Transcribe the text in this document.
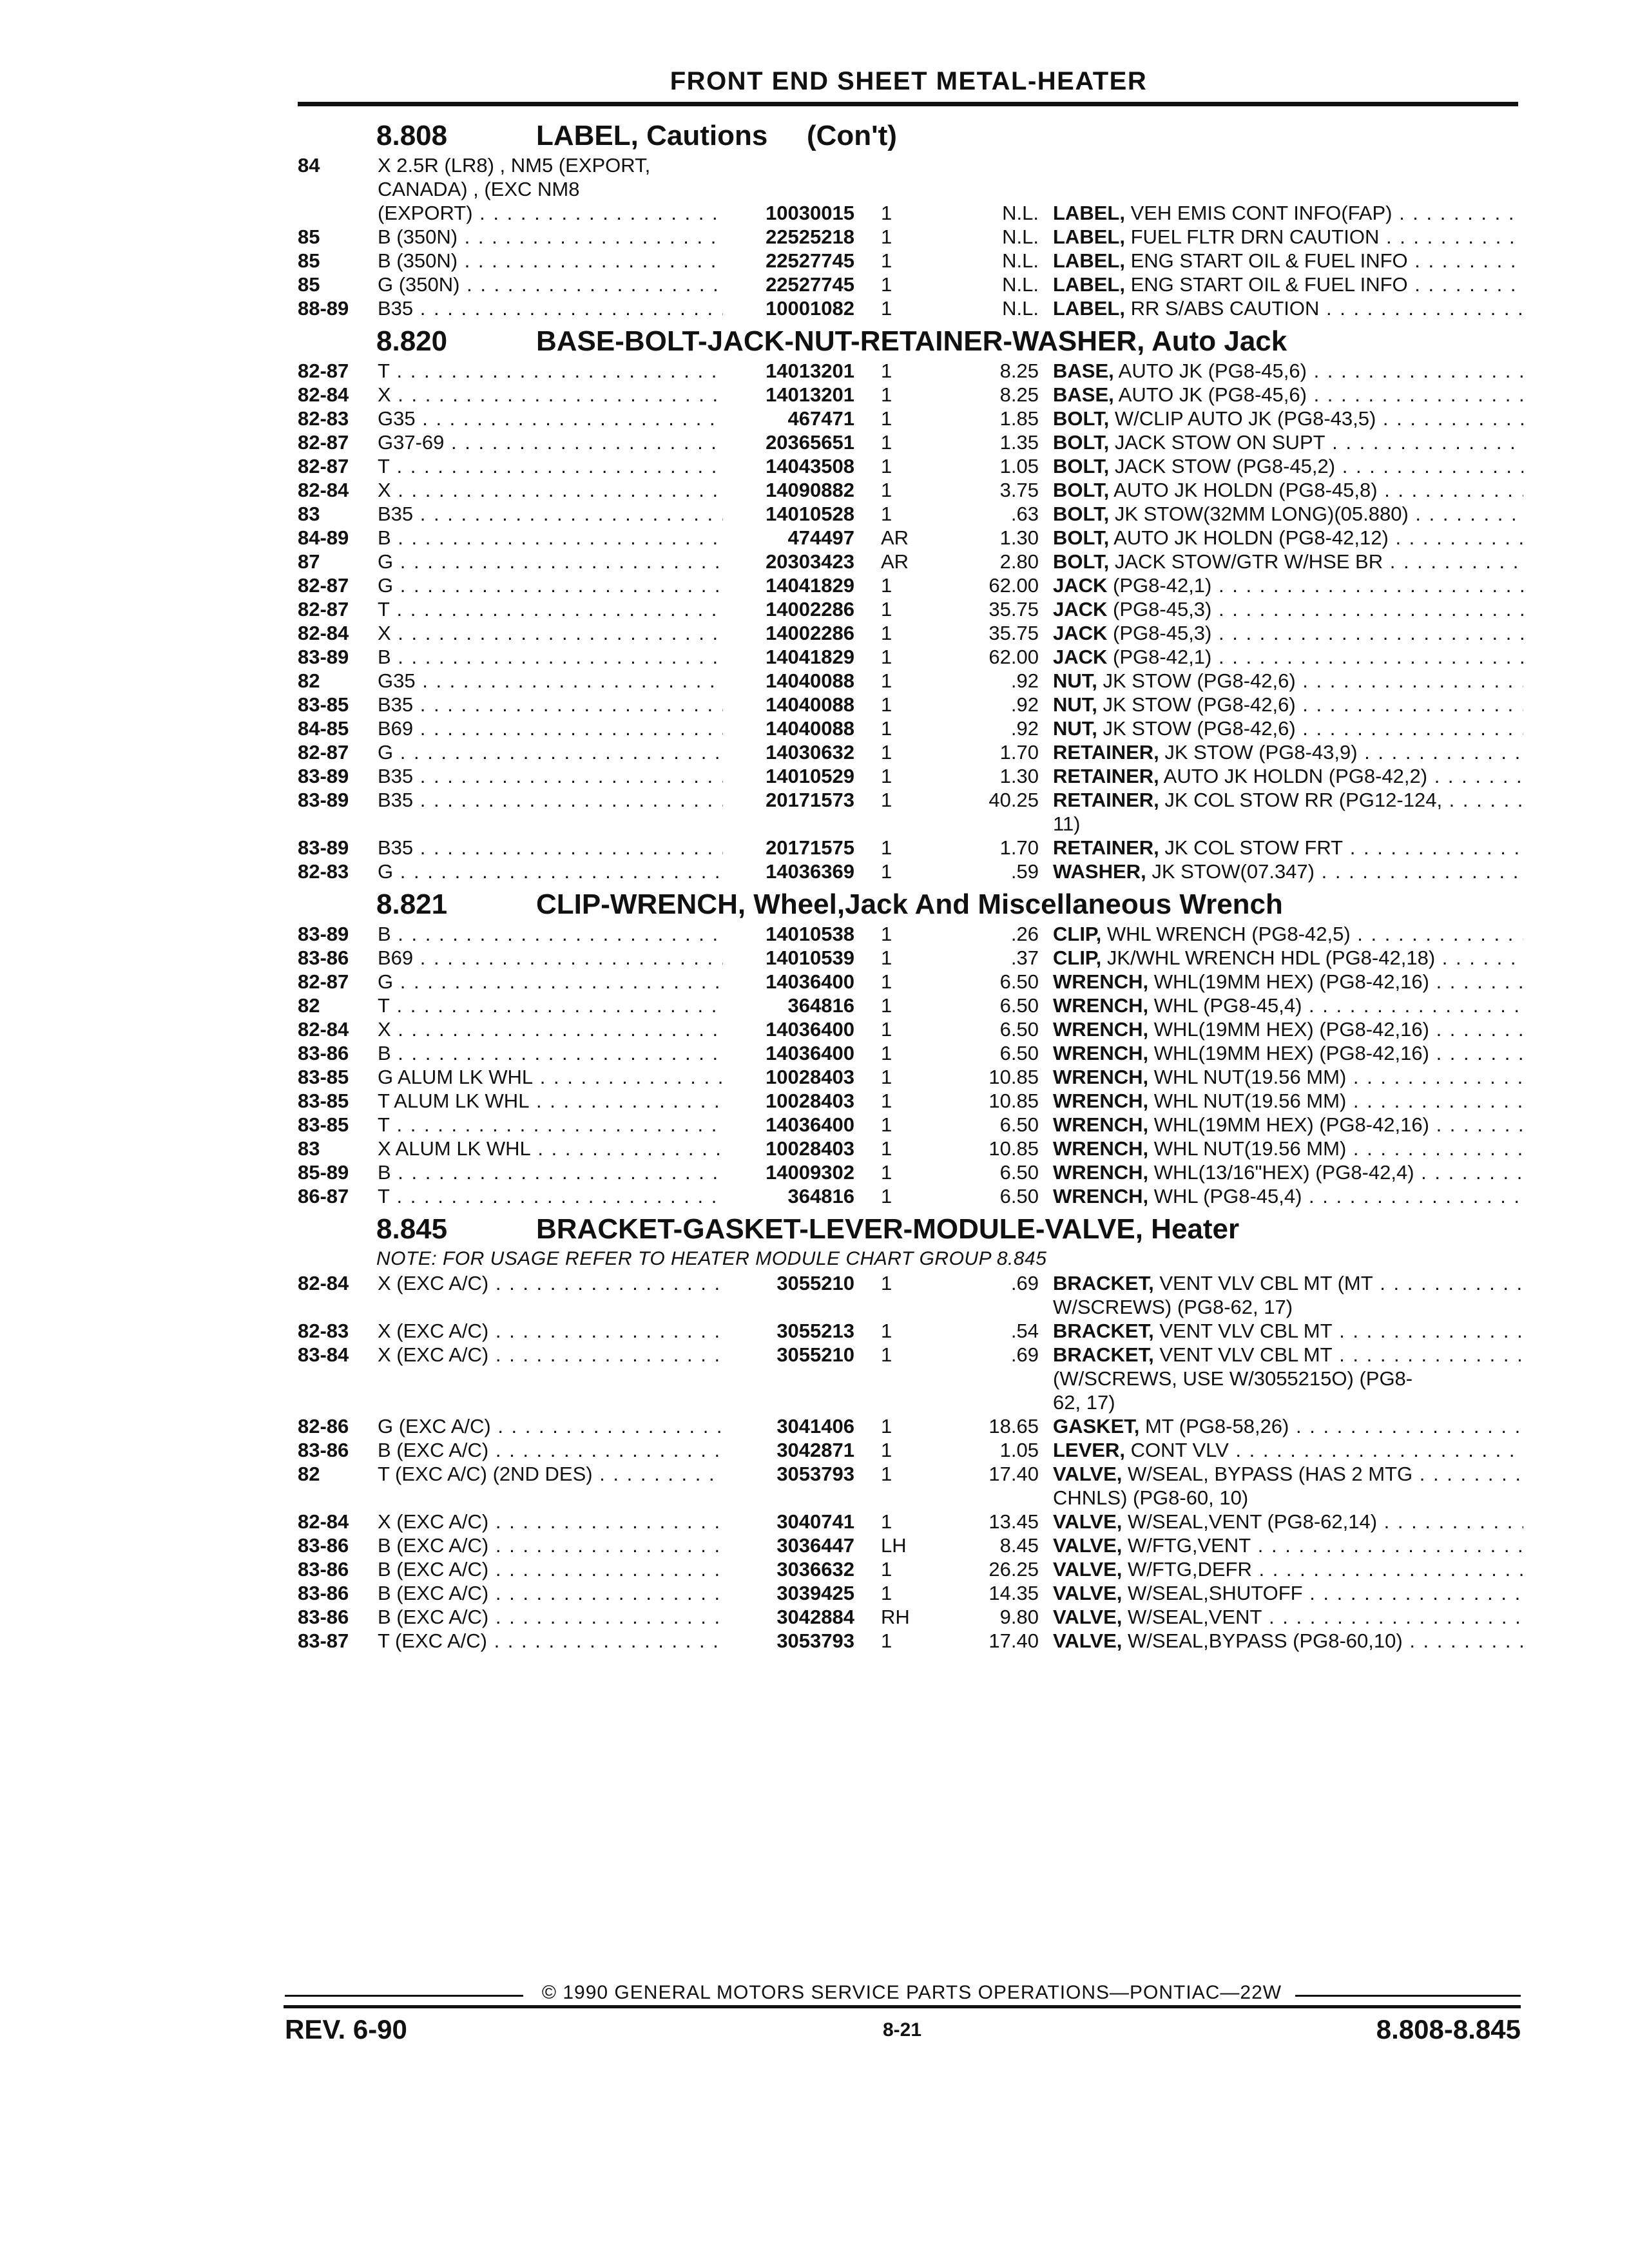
FRONT END SHEET METAL-HEATER
8.808	LABEL, Cautions (Con't)
84	X 2.5R (LR8) , NM5 (EXPORT,
CANADA) , (EXC NM8
(EXPORT) . . .	10030015 1	N.L. LABEL, VEH EMIS CONT INFO(FAP) . . .
85	B (350N) . . .	22525218 1	N.L. LABEL, FUEL FLTR DRN CAUTION . . .
85	B (350N) . . .	22527745 1	N.L. LABEL, ENG START OIL & FUEL INFO . . .
85	G (350N) . . .	22527745 1	N.L. LABEL, ENG START OIL & FUEL INFO . . .
88-89	B35 . . .	10001082 1	N.L. LABEL, RR S/ABS CAUTION . . .
8.820	BASE-BOLT-JACK-NUT-RETAINER-WASHER, Auto Jack
82-87	T . . .	14013201 1	8.25 BASE, AUTO JK (PG8-45,6) . . .
82-84	X . . .	14013201 1	8.25 BASE, AUTO JK (PG8-45,6) . . .
82-83	G35 . . .	467471 1	1.85 BOLT, W/CLIP AUTO JK (PG8-43,5) . . .
82-87	G37-69 . . .	20365651 1	1.35 BOLT, JACK STOW ON SUPT . . .
82-87	T . . .	14043508 1	1.05 BOLT, JACK STOW (PG8-45,2) . . .
82-84	X . . .	14090882 1	3.75 BOLT, AUTO JK HOLDN (PG8-45,8) . . .
83	B35 . . .	14010528 1	.63 BOLT, JK STOW(32MM LONG)(05.880) . . .
84-89	B . . .	474497 AR	1.30 BOLT, AUTO JK HOLDN (PG8-42,12) . . .
87	G . . .	20303423 AR	2.80 BOLT, JACK STOW/GTR W/HSE BR . . .
82-87	G . . .	14041829 1	62.00 JACK (PG8-42,1) . . .
82-87	T . . .	14002286 1	35.75 JACK (PG8-45,3) . . .
82-84	X . . .	14002286 1	35.75 JACK (PG8-45,3) . . .
83-89	B . . .	14041829 1	62.00 JACK (PG8-42,1) . . .
82	G35 . . .	14040088 1	.92 NUT, JK STOW (PG8-42,6) . . .
83-85	B35 . . .	14040088 1	.92 NUT, JK STOW (PG8-42,6) . . .
84-85	B69 . . .	14040088 1	.92 NUT, JK STOW (PG8-42,6) . . .
82-87	G . . .	14030632 1	1.70 RETAINER, JK STOW (PG8-43,9) . . .
83-89	B35 . . .	14010529 1	1.30 RETAINER, AUTO JK HOLDN (PG8-42,2) . . .
83-89	B35 . . .	20171573 1	40.25 RETAINER, JK COL STOW RR (PG12-124, . . .
11)
83-89	B35 . . .	20171575 1	1.70 RETAINER, JK COL STOW FRT . . .
82-83	G . . .	14036369 1	.59 WASHER, JK STOW(07.347) . . .
8.821	CLIP-WRENCH, Wheel,Jack And Miscellaneous Wrench
83-89	B . . .	14010538 1	.26 CLIP, WHL WRENCH (PG8-42,5) . . .
83-86	B69 . . .	14010539 1	.37 CLIP, JK/WHL WRENCH HDL (PG8-42,18) . . .
82-87	G . . .	14036400 1	6.50 WRENCH, WHL(19MM HEX) (PG8-42,16) . . .
82	T . . .	364816 1	6.50 WRENCH, WHL (PG8-45,4) . . .
82-84	X . . .	14036400 1	6.50 WRENCH, WHL(19MM HEX) (PG8-42,16) . . .
83-86	B . . .	14036400 1	6.50 WRENCH, WHL(19MM HEX) (PG8-42,16) . . .
83-85	G ALUM LK WHL . . .	10028403 1	10.85 WRENCH, WHL NUT(19.56 MM) . . .
83-85	T ALUM LK WHL . . .	10028403 1	10.85 WRENCH, WHL NUT(19.56 MM) . . .
83-85	T . . .	14036400 1	6.50 WRENCH, WHL(19MM HEX) (PG8-42,16) . . .
83	X ALUM LK WHL . . .	10028403 1	10.85 WRENCH, WHL NUT(19.56 MM) . . .
85-89	B . . .	14009302 1	6.50 WRENCH, WHL(13/16"HEX) (PG8-42,4) . . .
86-87	T . . .	364816 1	6.50 WRENCH, WHL (PG8-45,4) . . .
8.845	BRACKET-GASKET-LEVER-MODULE-VALVE, Heater
NOTE: FOR USAGE REFER TO HEATER MODULE CHART GROUP 8.845
82-84	X (EXC A/C) . . .	3055210 1	.69 BRACKET, VENT VLV CBL MT (MT . . .
W/SCREWS) (PG8-62, 17)
82-83	X (EXC A/C) . . .	3055213 1	.54 BRACKET, VENT VLV CBL MT . . .
83-84	X (EXC A/C) . . .	3055210 1	.69 BRACKET, VENT VLV CBL MT . . .
(W/SCREWS, USE W/3055215O) (PG8-
62, 17)
82-86	G (EXC A/C) . . .	3041406 1	18.65 GASKET, MT (PG8-58,26) . . .
83-86	B (EXC A/C) . . .	3042871 1	1.05 LEVER, CONT VLV . . .
82	T (EXC A/C) (2ND DES) . . .	3053793 1	17.40 VALVE, W/SEAL, BYPASS (HAS 2 MTG . . .
CHNLS) (PG8-60, 10)
82-84	X (EXC A/C) . . .	3040741 1	13.45 VALVE, W/SEAL,VENT (PG8-62,14) . . .
83-86	B (EXC A/C) . . .	3036447 LH	8.45 VALVE, W/FTG,VENT . . .
83-86	B (EXC A/C) . . .	3036632 1	26.25 VALVE, W/FTG,DEFR . . .
83-86	B (EXC A/C) . . .	3039425 1	14.35 VALVE, W/SEAL,SHUTOFF . . .
83-86	B (EXC A/C) . . .	3042884 RH	9.80 VALVE, W/SEAL,VENT . . .
83-87	T (EXC A/C) . . .	3053793 1	17.40 VALVE, W/SEAL,BYPASS (PG8-60,10) . . .
© 1990 GENERAL MOTORS SERVICE PARTS OPERATIONS—PONTIAC—22W
REV. 6-90	8-21	8.808-8.845
